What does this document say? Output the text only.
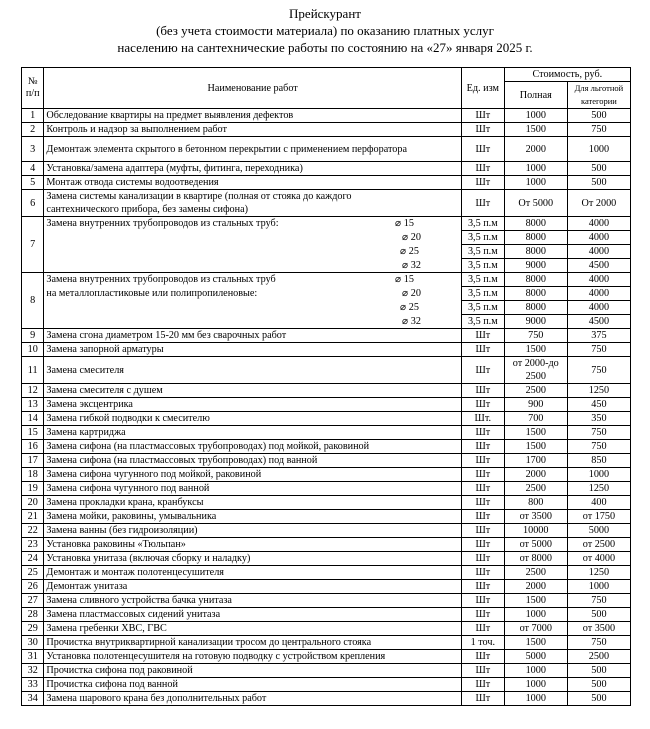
Прейскурант
(без учета стоимости материала) по оказанию платных услуг
населению на сантехнические работы по состоянию на «27» января 2025 г.
№ п/п	Наименование работ	Ед. изм	Стоимость, руб.	
			Полная	Для льготной категории
1	Обследование квартиры на предмет выявления дефектов	Шт	1000	500
2	Контроль и надзор за выполнением работ	Шт	1500	750
3	Демонтаж элемента скрытого в бетонном перекрытии с применением перфоратора	Шт	2000	1000
4	Установка/замена адаптера (муфты, фитинга, переходника)	Шт	1000	500
5	Монтаж отвода системы водоотведения	Шт	1000	500
6	Замена системы канализации в квартире (полная от стояка до каждого
сантехнического прибора, без замены сифона)	Шт	От 5000	От 2000
7	Замена внутренних трубопроводов из стальных труб: ⌀ 15	3,5 п.м	8000	4000

	⌀ 20	3,5 п.м	8000	4000

	⌀ 25	3,5 п.м	8000	4000

	⌀ 32	3,5 п.м	9000	4500
8	Замена внутренних трубопроводов из стальных труб ⌀ 15	3,5 п.м	8000	4000

	на металлопластиковые или полипропиленовые: ⌀ 20	3,5 п.м	8000	4000

	⌀ 25	3,5 п.м	8000	4000

	⌀ 32	3,5 п.м	9000	4500
9	Замена сгона диаметром 15-20 мм без сварочных работ	Шт	750	375
10	Замена запорной арматуры	Шт	1500	750
11	Замена смесителя	Шт	от 2000-до
2500	750
12	Замена смесителя с душем	Шт	2500	1250
13	Замена эксцентрика	Шт	900	450
14	Замена гибкой подводки к смесителю	Шт.	700	350
15	Замена картриджа	Шт	1500	750
16	Замена сифона (на пластмассовых трубопроводах) под мойкой, раковиной	Шт	1500	750
17	Замена сифона (на пластмассовых трубопроводах) под ванной	Шт	1700	850
18	Замена сифона чугунного под мойкой, раковиной	Шт	2000	1000
19	Замена сифона чугунного под ванной	Шт	2500	1250
20	Замена прокладки крана, кранбуксы	Шт	800	400
21	Замена мойки, раковины, умывальника	Шт	от 3500	от 1750
22	Замена ванны (без гидроизоляции)	Шт	10000	5000
23	Установка раковины «Тюльпан»	Шт	от 5000	от 2500
24	Установка унитаза (включая сборку и наладку)	Шт	от 8000	от 4000
25	Демонтаж и монтаж полотенцесушителя	Шт	2500	1250
26	Демонтаж унитаза	Шт	2000	1000
27	Замена сливного устройства бачка унитаза	Шт	1500	750
28	Замена пластмассовых сидений унитаза	Шт	1000	500
29	Замена гребенки ХВС, ГВС	Шт	от 7000	от 3500
30	Прочистка внутриквартирной канализации тросом до центрального стояка	1 точ.	1500	750
31	Установка полотенцесушителя на готовую подводку с устройством крепления	Шт	5000	2500
32	Прочистка сифона под раковиной	Шт	1000	500
33	Прочистка сифона под ванной	Шт	1000	500
34	Замена шарового крана без дополнительных работ	Шт	1000	500
